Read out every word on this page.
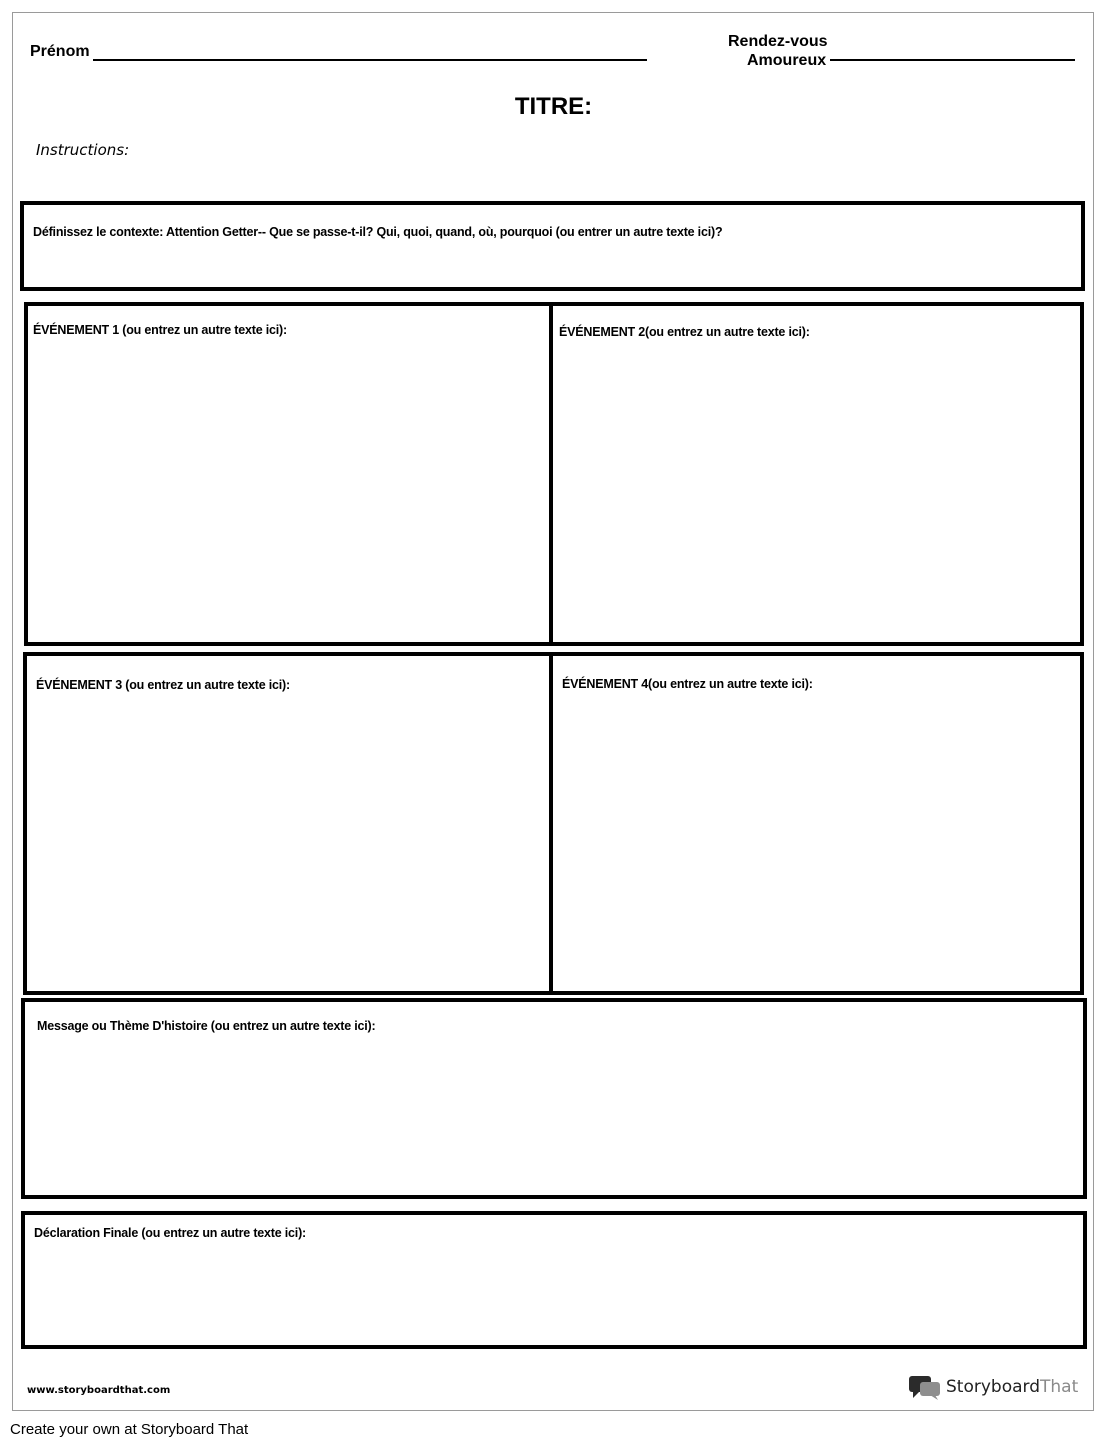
Prénom
Rendez-vous
Amoureux
TITRE:
Instructions:
Définissez le contexte: Attention Getter-- Que se passe-t-il? Qui, quoi, quand, où, pourquoi (ou entrer un autre texte ici)?
ÉVÉNEMENT 1 (ou entrez un autre texte ici):	ÉVÉNEMENT 2(ou entrez un autre texte ici):
ÉVÉNEMENT 3 (ou entrez un autre texte ici):	ÉVÉNEMENT 4(ou entrez un autre texte ici):
Message ou Thème D'histoire (ou entrez un autre texte ici):
Déclaration Finale (ou entrez un autre texte ici):
www.storyboardthat.com	StoryboardThat
Create your own at Storyboard That
